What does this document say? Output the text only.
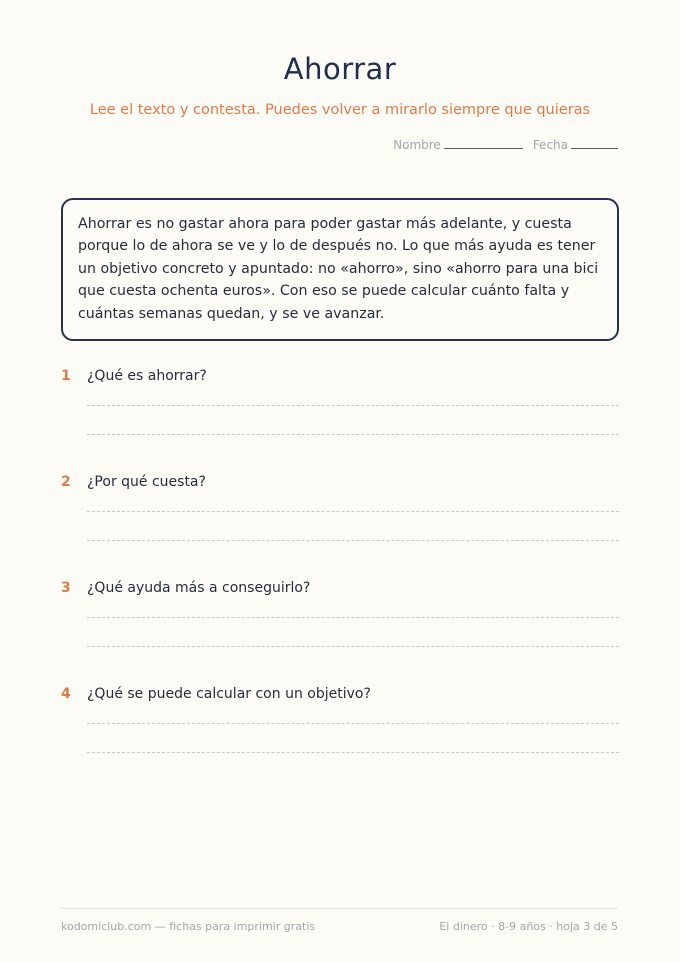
Ahorrar
Lee el texto y contesta. Puedes volver a mirarlo siempre que quieras
Nombre	Fecha
Ahorrar es no gastar ahora para poder gastar más adelante, y cuesta
porque lo de ahora se ve y lo de después no. Lo que más ayuda es tener
un objetivo concreto y apuntado: no «ahorro», sino «ahorro para una bici
que cuesta ochenta euros». Con eso se puede calcular cuánto falta y
cuántas semanas quedan, y se ve avanzar.
1 ¿Qué es ahorrar?
2 ¿Por qué cuesta?
3 ¿Qué ayuda más a conseguirlo?
4 ¿Qué se puede calcular con un objetivo?
kodomiclub.com — fichas para imprimir gratis	El dinero · 8-9 años · hoja 3 de 5
